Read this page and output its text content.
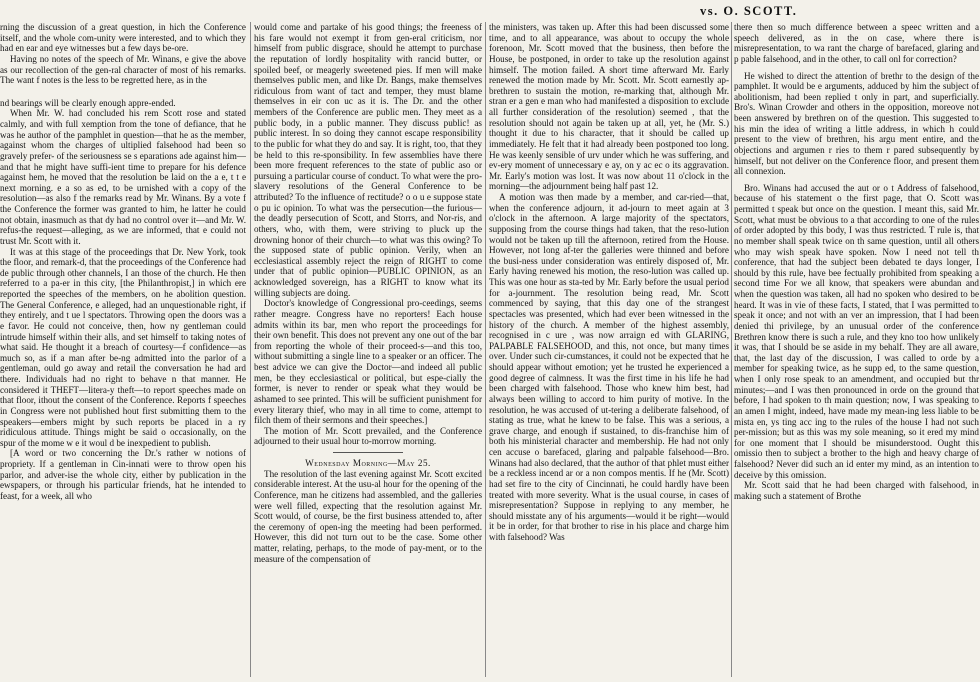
vs. O. SCOTT.

rning the discussion of a great question, in hich the Conference itself, and the whole com-unity were interested, and to which they had en ear and eye witnesses but a few days be-ore.

Having no notes of the speech of Mr. Winans, e give the above as our recollection of the gen-ral character of most of his remarks. The want f notes is the less to be regretted here, as in the

nd bearings will be clearly enough appre-ended.

When Mr. W. had concluded his rem Scott rose and stated calmly, and with full xemption from the tone of defiance, that he was he author of the pamphlet in question—that he as the member, against whom the charges of ultiplied falsehood had been so gravely prefer- of the seriousness se s eparations ade against him—and that he might have suffi-ient time to prepare for his defence against hem, he moved that the resolution be laid on the a e, t t e next morning. e a so as ed, to be urnished with a copy of the resolution—as also f the remarks read by Mr. Winans. By a vote f the Conference the former was granted to him, he latter he could not obtain, inasmuch as that dy had no control over it—and Mr. W. refus-the request—alleging, as we are informed, that e could not trust Mr. Scott with it.

It was at this stage of the proceedings that Dr. New York, took the floor, and remark-d, that the proceedings of the Conference had de public through other channels, I an those of the church. He then referred to a pa-er in this city, [the Philanthropist,] in which ere reported the speeches of the members, on he abolition question. The General Conference, e alleged, had an unquestionable right, if they entirely, and t ue l spectators. Throwing open the doors was a e favor. He could not conceive, then, how ny gentleman could intrude himself within their alls, and set himself to taking notes of what said. He thought it a breach of courtesy—f confidence—as much so, as if a man after be-ng admitted into the parlor of a gentleman, ould go away and retail the conversation he had ard there. Individuals had no right to behave n that manner. He considered it THEFT—litera-y theft—to report speeches made on that floor, ithout the consent of the Conference. Reports f speeches in Congress were not published hout first submitting them to the speakers—embers might by such reports be placed in a ry ridiculous attitude. Things might be said o occasionally, on the spur of the mome w e it woul d be inexpedient to publish.

[A word or two concerning the Dr.'s rather w notions of propriety. If a gentleman in Cin-innati were to throw open his parlor, and adver-ise the whole city, either by publication in the ewspapers, or through his particular friends, hat he intended to feast, for a week, all who

would come and partake of his good things; the freeness of his fare would not exempt it from gen-eral criticism, nor himself from public disgrace, should he attempt to purchase the reputation of lordly hospitality with rancid butter, or spoiled beef, or meagerly sweetened pies. If men will make themselves public men, and like Dr. Bangs, make themselves ridiculous from want of tact and temper, they must blame themselves in eir con uc as it is. The Dr. and the other members of the Conference are public men. They meet as a public body, in a public manner. They discuss public! as public interest. In so doing they cannot escape responsibility to the public for what they do and say. It is right, too, that they be held to this re-sponsibility. In few assemblies have there been more frequent references to the state of public aso or pursuing a particular course of conduct. To what were the pro-slavery resolutions of the General Conference to be attributed? To the influence of rectitude? o o u e suppose state o pu ic opinion. To what was the persecution—the furious—the deadly persecution of Scott, and Storrs, and Nor-ris, and others, who, with them, were striving to pluck up the drowning honor of their church—to what was this owing? To the supposed state of public opinion. Verily, when an ecclesiastical assembly reject the reign of RIGHT to come under that of public opinion—PUBLIC OPINION, as an acknowledged sovereign, has a RIGHT to know what its willing subjects are doing.

Doctor's knowledge of Congressional pro-ceedings, seems rather meagre. Congress have no reporters! Each house admits within its bar, men who report the proceedings for their own benefit. This does not prevent any one out of the bar from reporting the whole of their proceed-s—and this too, without submitting a single line to a speaker or an officer. The best advice we can give the Doctor—and indeed all public men, be they ecclesiastical or political, but espe-cially the former, is never to render or speak what they would be ashamed to see printed. This will be sufficient punishment for every literary thief, who may in all time to come, attempt to filch them of their sermons and their speeches.]

The motion of Mr. Scott prevailed, and the Conference adjourned to their usual hour to-morrow morning.

Wednesday Morning—May 25.

The resolution of the last evening against Mr. Scott excited considerable interest. At the usu-al hour for the opening of the Conference, man he citizens had assembled, and the galleries were well filled, expecting that the resolution against Mr. Scott would, of course, be the first business attended to, after the ceremony of open-ing the meeting had been performed. However, this did not turn out to be the case. Some other matter, relating, perhaps, to the mode of pay-ment, or to the measure of the compensation of

the ministers, was taken up. After this had been discussed some time, and to all appearance, was about to occupy the whole forenoon, Mr. Scott moved that the business, then before the House, be postponed, in order to take up the resolution against himself. The motion failed. A short time afterward Mr. Early renewed the motion made by Mr. Scott. Mr. Scott earnestly ap- brethren to sustain the motion, re-marking that, although Mr. stran er a gen e man who had manifested a disposition to exclude all further consideration of the resolution) seemed , that the resolution should not again be taken up at all, yet, he (Mr. S.) thought it due to his character, that it should be called up immediately. He felt that it had already been postponed too long. He was keenly sensible of urv under which he was suffering, and ev-ery moment of unnecessary e ay, on y ac ec o its aggravation. Mr. Early's motion was lost. It was now about 11 o'clock in the morning—the adjournment being half past 12.

A motion was then made by a member, and car-ried—that, when the conference adjourn, it ad-journ to meet again at 3 o'clock in the afternoon. A large majority of the spectators, supposing from the course things had taken, that the reso-lution would not be taken up till the afternoon, retired from the House. However, not long af-ter the galleries were thinned and before the busi-ness under consideration was entirely disposed of, Mr. Early having renewed his motion, the reso-lution was called up. This was one hour as sta-ted by Mr. Early before the usual period for a-journment. The resolution being read, Mr. Scott commenced by saying, that this day one of the strangest spectacles was presented, which had ever been witnessed in the history of the church. A member of the highest assembly, recognised in c ure , was now arraign ed with GLARING, PALPABLE FALSEHOOD, and this, not once, but many times over. Under such cir-cumstances, it could not be expected that he should appear without emotion; yet he trusted he experienced a good degree of calmness. It was the first time in his life he had been charged with falsehood. Those who knew him best, had always been willing to accord to him purity of motive. In the resolution, he was accused of ut-tering a deliberate falsehood, of stating as true, what he knew to be false. This was a serious, a grave charge, and enough if sustained, to dis-franchise him of both his ministerial character and membership. He had not only cen accuse o barefaced, glaring and palpable falsehood—Bro. Winans had also declared, that the author of that phlet must either be a reckless incend ar or a non compos mentis. If he (Mr. Scott) had set fire to the city of Cincinnati, he could hardly have been treated with more severity. What is the usual course, in cases of misrepresentation? Suppose in replying to any member, he should misstate any of his arguments—would it be right—would it be in order, for that brother to rise in his place and charge him with falsehood? Was

there then so much difference between a speec written and a speech delivered, as in the on case, where there is misrepresentation, to wa rant the charge of barefaced, glaring and p pable falsehood, and in the other, to call onl for correction?

He wished to direct the attention of brethr to the design of the pamphlet. It would be e arguments, adduced by him the subject of abolitionism, had been replied t only in part, and superficially. Bro's. Winan Crowder and others in the opposition, moreove not been answered by brethren on of the question. This suggested to his min the idea of writing a little address, in which h could present to the view of brethren, his argu ment entire, and the objections and argumen r ries to them r pared subsequently by himself, but not deliver on the Conference floor, and present them all connexion.

Bro. Winans had accused the aut or o t Address of falsehood, because of his statement o the first page, that O. Scott was permitted t speak but once on the question. I meant this, said Mr. Scott, what must be obvious to a that according to one of the rules of order adopted by this body, I was thus restricted. T rule is, that no member shall speak twice on th same question, until all others who may wish speak have spoken. Now I need not tell th conference, that had the subject been debated te days longer, I should by this rule, have bee fectually prohibited from speaking a second time For we all know, that speakers were abundan and when the question was taken, all had no spoken who desired to be heard. It was in vie of these facts, I stated, that I was permitted to speak it once; and not with an ver an impression, that I had been denied thi privilege, by an unusual order of the conference Brethren know there is such a rule, and they kno too how unlikely it was, that I should be se aside in my behalf. They are all aware, that, the last day of the discussion, I was called to orde by a member for speaking twice, as he supp ed, to the same question, when I only rose speak to an amendment, and occupied but thr minutes;—and I was then pronounced in orde on the ground that before, I had spoken to th main question; now, I was speaking to an amen I might, indeed, have made my mean-ing less liable to be mista en, ys ting acc ing to the rules of the house I had not such per-mission; but as this was my sole meaning, so it ered my mind for one moment that I should be misunderstood. Ought this omissio then to subject a brother to the high and heavy charge of falsehood? Never did such an id enter my mind, as an intention to deceive by this omission.

Mr. Scott said that he had been charged with falsehood, in making such a statement of Brothe
